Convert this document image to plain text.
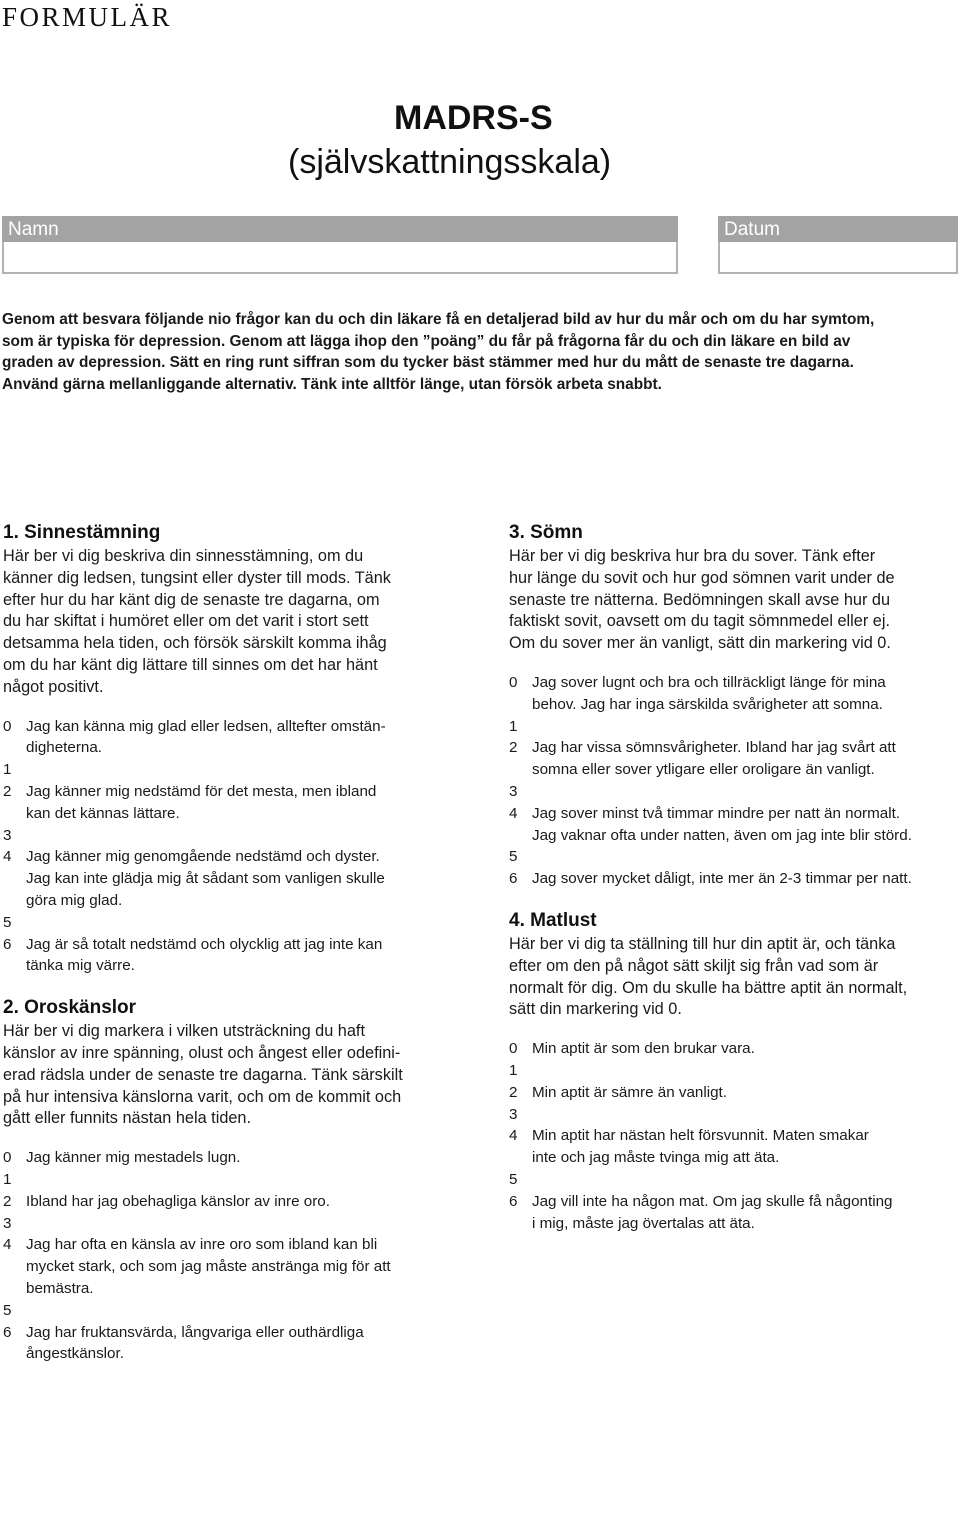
FORMULÄR
MADRS-S
(självskattningsskala)
Namn	Datum
Genom att besvara följande nio frågor kan du och din läkare få en detaljerad bild av hur du mår och om du har symtom,
som är typiska för depression. Genom att lägga ihop den ”poäng” du får på frågorna får du och din läkare en bild av
graden av depression. Sätt en ring runt siffran som du tycker bäst stämmer med hur du mått de senaste tre dagarna.
Använd gärna mellanliggande alternativ. Tänk inte alltför länge, utan försök arbeta snabbt.
1. Sinnestämning
Här ber vi dig beskriva din sinnesstämning, om du
känner dig ledsen, tungsint eller dyster till mods. Tänk
efter hur du har känt dig de senaste tre dagarna, om
du har skiftat i humöret eller om det varit i stort sett
detsamma hela tiden, och försök särskilt komma ihåg
om du har känt dig lättare till sinnes om det har hänt
något positivt.
0 Jag kan känna mig glad eller ledsen, alltefter omstän-
digheterna.
1
2 Jag känner mig nedstämd för det mesta, men ibland
kan det kännas lättare.
3
4 Jag känner mig genomgående nedstämd och dyster.
Jag kan inte glädja mig åt sådant som vanligen skulle
göra mig glad.
5
6 Jag är så totalt nedstämd och olycklig att jag inte kan
tänka mig värre.
2. Oroskänslor
Här ber vi dig markera i vilken utsträckning du haft
känslor av inre spänning, olust och ångest eller odefini-
erad rädsla under de senaste tre dagarna. Tänk särskilt
på hur intensiva känslorna varit, och om de kommit och
gått eller funnits nästan hela tiden.
0 Jag känner mig mestadels lugn.
1
2 Ibland har jag obehagliga känslor av inre oro.
3
4 Jag har ofta en känsla av inre oro som ibland kan bli
mycket stark, och som jag måste anstränga mig för att
bemästra.
5
6 Jag har fruktansvärda, långvariga eller outhärdliga
ångestkänslor.
3. Sömn
Här ber vi dig beskriva hur bra du sover. Tänk efter
hur länge du sovit och hur god sömnen varit under de
senaste tre nätterna. Bedömningen skall avse hur du
faktiskt sovit, oavsett om du tagit sömnmedel eller ej.
Om du sover mer än vanligt, sätt din markering vid 0.
0 Jag sover lugnt och bra och tillräckligt länge för mina
behov. Jag har inga särskilda svårigheter att somna.
1
2 Jag har vissa sömnsvårigheter. Ibland har jag svårt att
somna eller sover ytligare eller oroligare än vanligt.
3
4 Jag sover minst två timmar mindre per natt än normalt.
Jag vaknar ofta under natten, även om jag inte blir störd.
5
6 Jag sover mycket dåligt, inte mer än 2-3 timmar per natt.
4. Matlust
Här ber vi dig ta ställning till hur din aptit är, och tänka
efter om den på något sätt skiljt sig från vad som är
normalt för dig. Om du skulle ha bättre aptit än normalt,
sätt din markering vid 0.
0 Min aptit är som den brukar vara.
1
2 Min aptit är sämre än vanligt.
3
4 Min aptit har nästan helt försvunnit. Maten smakar
inte och jag måste tvinga mig att äta.
5
6 Jag vill inte ha någon mat. Om jag skulle få någonting
i mig, måste jag övertalas att äta.
